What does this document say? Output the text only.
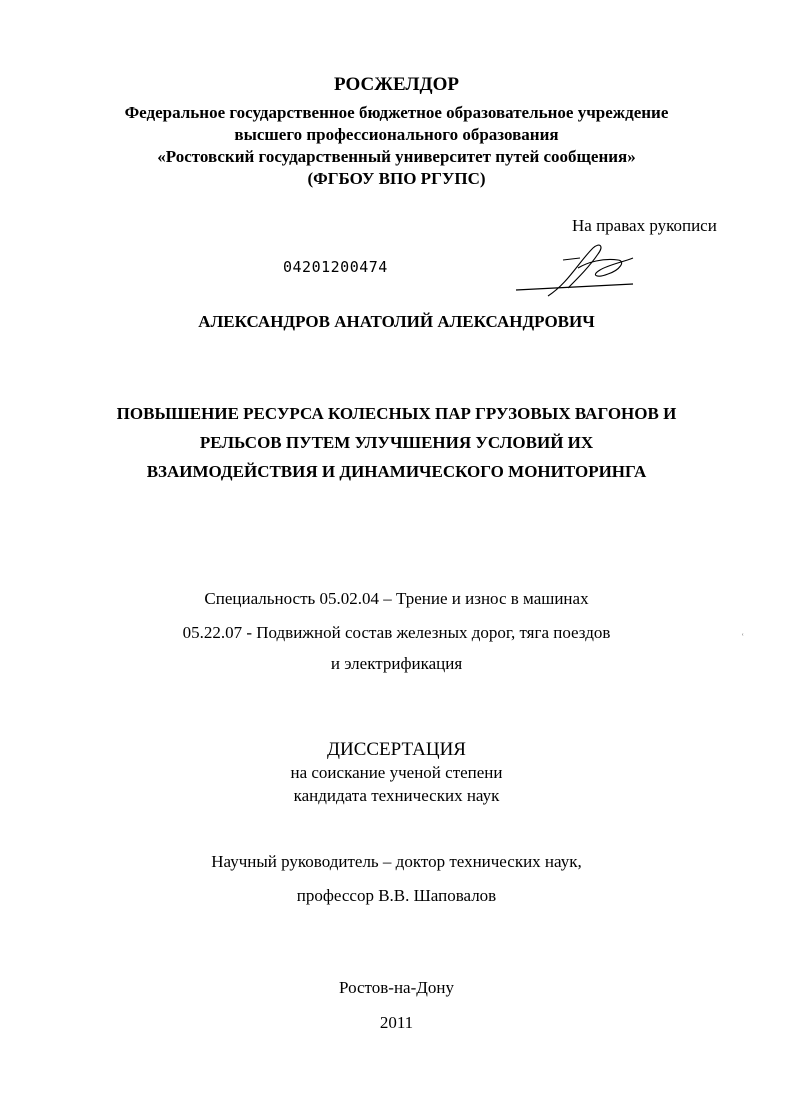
РОСЖЕЛДОР
Федеральное государственное бюджетное образовательное учреждение
высшего профессионального образования
«Ростовский государственный университет путей сообщения»
(ФГБОУ ВПО РГУПС)
На правах рукописи
04201200474
АЛЕКСАНДРОВ АНАТОЛИЙ АЛЕКСАНДРОВИЧ
ПОВЫШЕНИЕ РЕСУРСА КОЛЕСНЫХ ПАР ГРУЗОВЫХ ВАГОНОВ И
РЕЛЬСОВ ПУТЕМ УЛУЧШЕНИЯ УСЛОВИЙ ИХ
ВЗАИМОДЕЙСТВИЯ И ДИНАМИЧЕСКОГО МОНИТОРИНГА
Специальность 05.02.04 – Трение и износ в машинах
05.22.07 - Подвижной состав железных дорог, тяга поездов
и электрификация
ʿ
ДИССЕРТАЦИЯ
на соискание ученой степени
кандидата технических наук
Научный руководитель – доктор технических наук,
профессор В.В. Шаповалов
Ростов-на-Дону
2011
